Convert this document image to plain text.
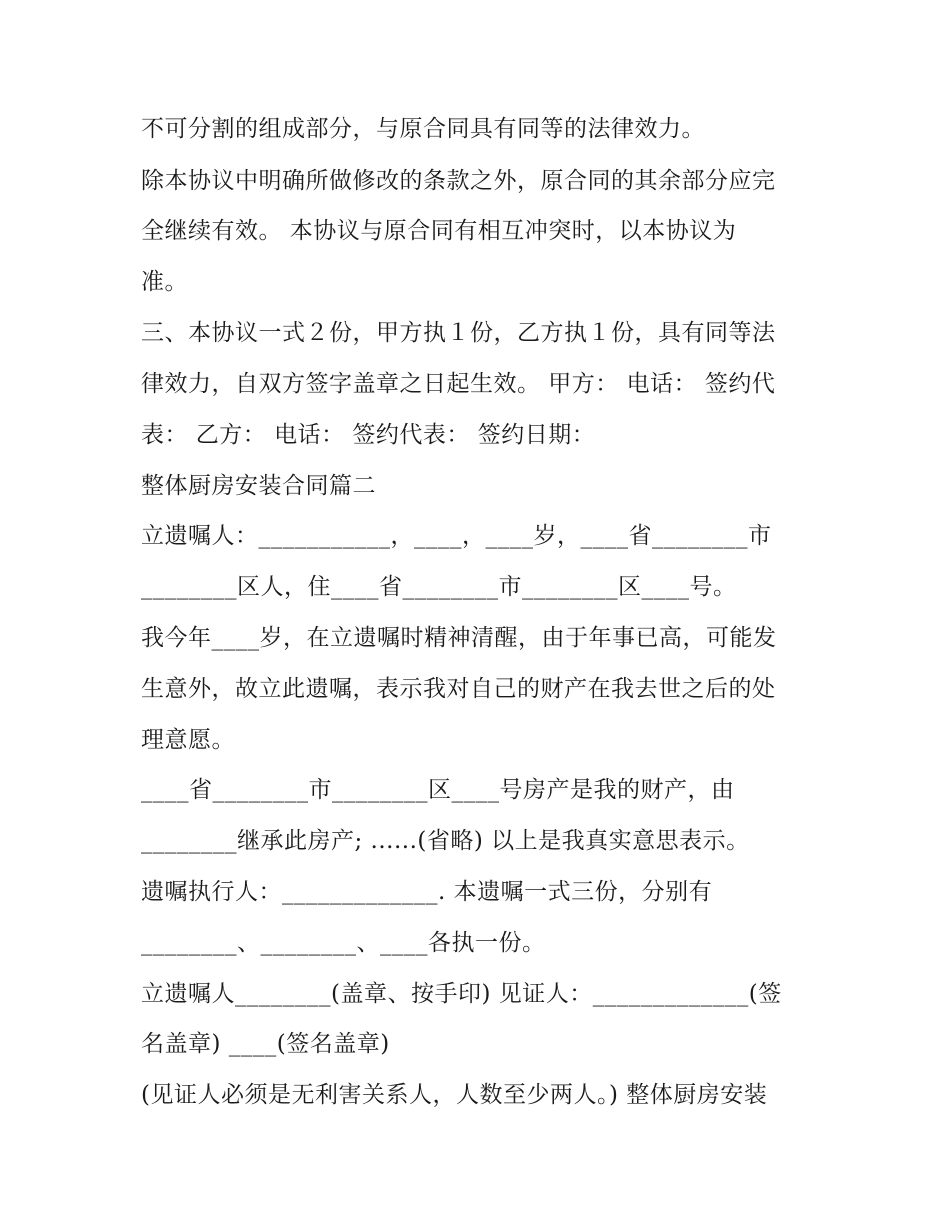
不可分割的组成部分，与原合同具有同等的法律效力。
除本协议中明确所做修改的条款之外，原合同的其余部分应完
全继续有效。 本协议与原合同有相互冲突时，以本协议为
准。
三、本协议一式２份，甲方执１份，乙方执１份，具有同等法
律效力，自双方签字盖章之日起生效。 甲方： 电话： 签约代
表： 乙方： 电话： 签约代表： 签约日期：
整体厨房安装合同篇二
立遗嘱人：___________，____，____岁，____省________市
________区人，住____省________市________区____号。
我今年____岁，在立遗嘱时精神清醒，由于年事已高，可能发
生意外，故立此遗嘱，表示我对自己的财产在我去世之后的处
理意愿。
____省________市________区____号房产是我的财产，由
________继承此房产; ......(省略) 以上是我真实意思表示。
遗嘱执行人：_____________. 本遗嘱一式三份，分别有
________、________、____各执一份。
立遗嘱人________(盖章、按手印) 见证人：_____________(签
名盖章) ____(签名盖章)
(见证人必须是无利害关系人，人数至少两人。) 整体厨房安装
